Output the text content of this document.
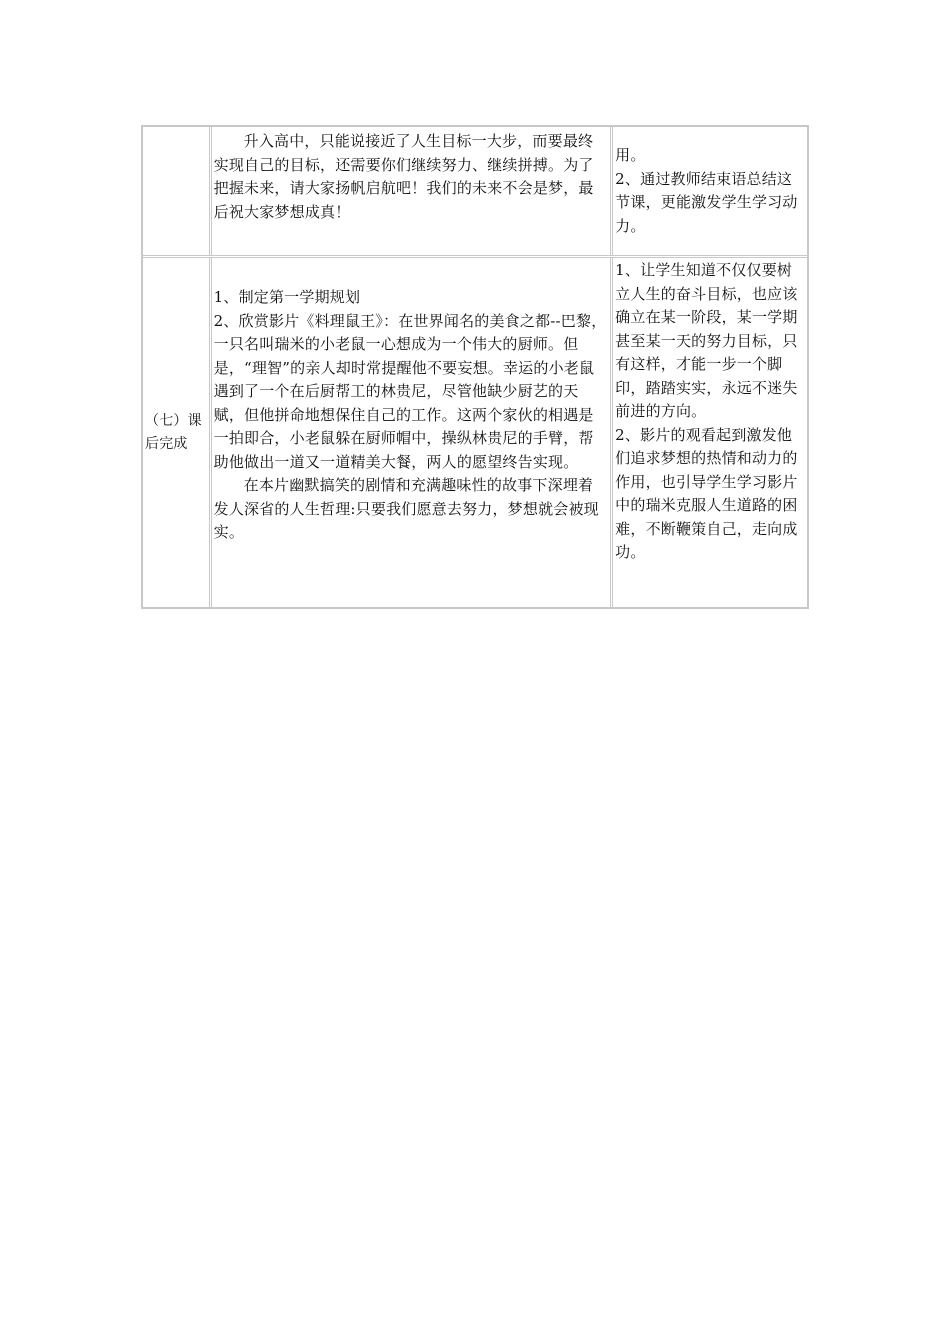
升入高中，只能说接近了人生目标一大步，而要最终实现自己的目标，还需要你们继续努力、继续拼搏。为了把握未来，请大家扬帆启航吧！我们的未来不会是梦，最后祝大家梦想成真！
用。
2、通过教师结束语总结这节课，更能激发学生学习动力。
（七）课后完成
1、制定第一学期规划
2、欣赏影片《料理鼠王》：在世界闻名的美食之都--巴黎，一只名叫瑞米的小老鼠一心想成为一个伟大的厨师。但是，“理智”的亲人却时常提醒他不要妄想。幸运的小老鼠遇到了一个在后厨帮工的林贵尼，尽管他缺少厨艺的天赋，但他拼命地想保住自己的工作。这两个家伙的相遇是一拍即合，小老鼠躲在厨师帽中，操纵林贵尼的手臂，帮助他做出一道又一道精美大餐，两人的愿望终告实现。
在本片幽默搞笑的剧情和充满趣味性的故事下深埋着发人深省的人生哲理:只要我们愿意去努力，梦想就会被现实。
1、让学生知道不仅仅要树立人生的奋斗目标，也应该确立在某一阶段，某一学期甚至某一天的努力目标，只有这样，才能一步一个脚印，踏踏实实，永远不迷失前进的方向。
2、影片的观看起到激发他们追求梦想的热情和动力的作用，也引导学生学习影片中的瑞米克服人生道路的困难，不断鞭策自己，走向成功。
